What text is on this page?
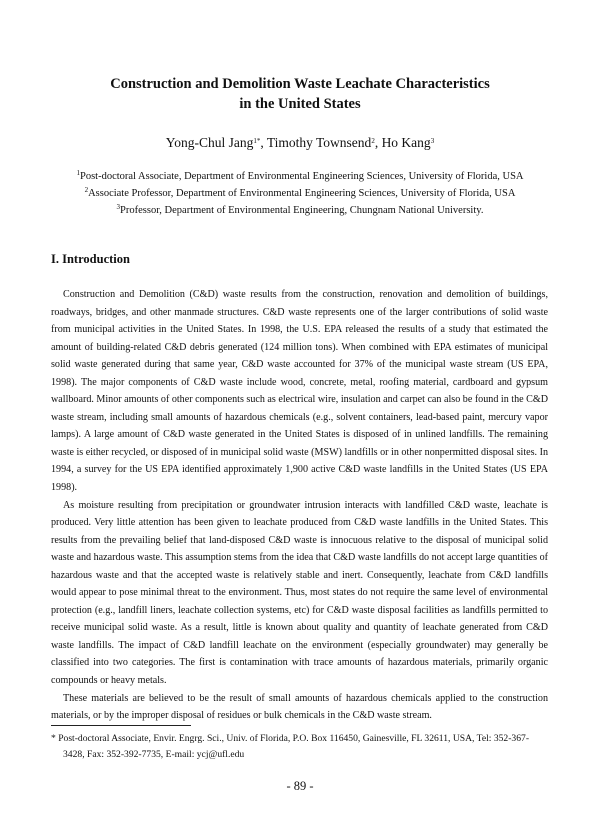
Construction and Demolition Waste Leachate Characteristics
in the United States
Yong-Chul Jang$^{1*}$, Timothy Townsend$^2$, Ho Kang$^3$
$^1$Post-doctoral Associate, Department of Environmental Engineering Sciences, University of Florida, USA
$^2$Associate Professor, Department of Environmental Engineering Sciences, University of Florida, USA
$^3$Professor, Department of Environmental Engineering, Chungnam National University.
I. Introduction

Construction and Demolition (C&D) waste results from the construction, renovation and demolition of buildings, roadways, bridges, and other manmade structures. C&D waste represents one of the larger contributions of solid waste from municipal activities in the United States. In 1998, the U.S. EPA released the results of a study that estimated the amount of building-related C&D debris generated (124 million tons). When combined with EPA estimates of municipal solid waste generated during that same year, C&D waste accounted for 37% of the municipal waste stream (US EPA, 1998). The major components of C&D waste include wood, concrete, metal, roofing material, cardboard and gypsum wallboard. Minor amounts of other components such as electrical wire, insulation and carpet can also be found in the C&D waste stream, including small amounts of hazardous chemicals (e.g., solvent containers, lead-based paint, mercury vapor lamps). A large amount of C&D waste generated in the United States is disposed of in unlined landfills. The remaining waste is either recycled, or disposed of in municipal solid waste (MSW) landfills or in other nonpermitted disposal sites. In 1994, a survey for the US EPA identified approximately 1,900 active C&D waste landfills in the United States (US EPA 1998).

As moisture resulting from precipitation or groundwater intrusion interacts with landfilled C&D waste, leachate is produced. Very little attention has been given to leachate produced from C&D waste landfills in the United States. This results from the prevailing belief that land-disposed C&D waste is innocuous relative to the disposal of municipal solid waste and hazardous waste. This assumption stems from the idea that C&D waste landfills do not accept large quantities of hazardous waste and that the accepted waste is relatively stable and inert. Consequently, leachate from C&D landfills would appear to pose minimal threat to the environment. Thus, most states do not require the same level of environmental protection (e.g., landfill liners, leachate collection systems, etc) for C&D waste disposal facilities as landfills permitted to receive municipal solid waste. As a result, little is known about quality and quantity of leachate generated from C&D waste landfills. The impact of C&D landfill leachate on the environment (especially groundwater) may generally be classified into two categories. The first is contamination with trace amounts of hazardous materials, primarily organic compounds or heavy metals.

These materials are believed to be the result of small amounts of hazardous chemicals applied to the construction materials, or by the improper disposal of residues or bulk chemicals in the C&D waste stream.

* Post-doctoral Associate, Envir. Engrg. Sci., Univ. of Florida, P.O. Box 116450, Gainesville, FL 32611, USA, Tel: 352-367-3428, Fax: 352-392-7735, E-mail: ycj@ufl.edu
- 89 -
